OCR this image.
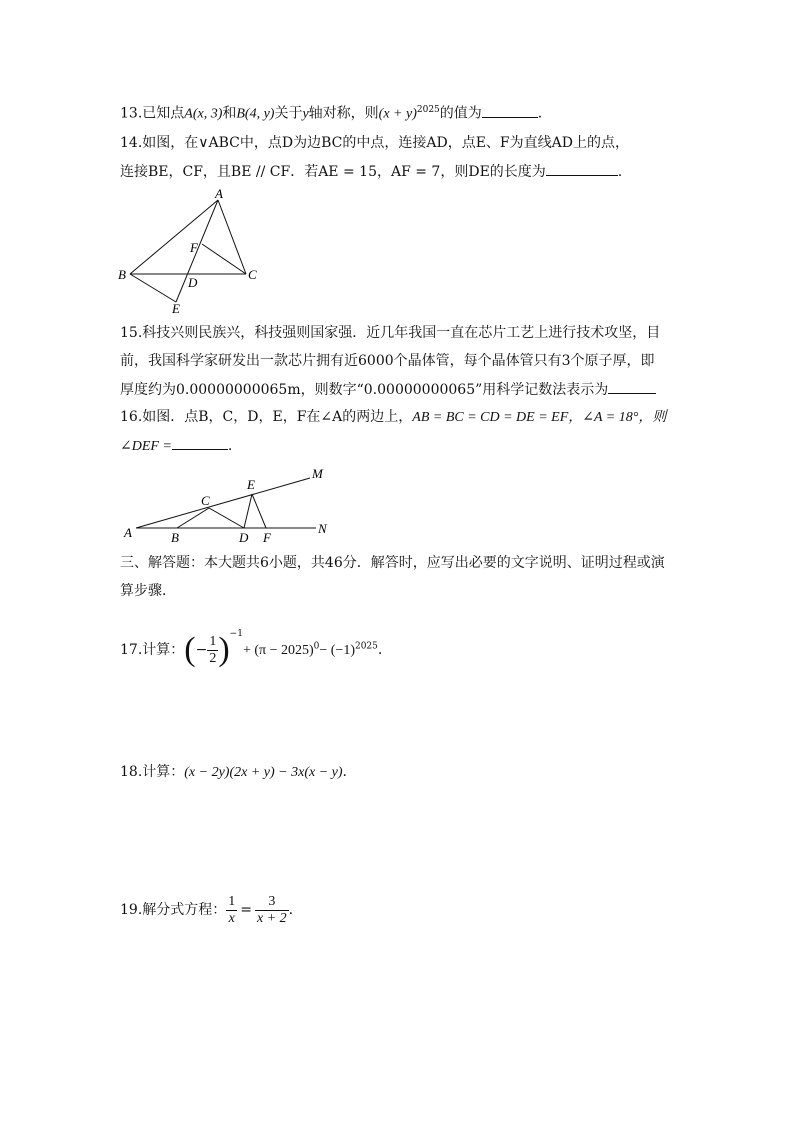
13.已知点A(x, 3)和B(4, y)关于y轴对称，则$(x + y)^{2025}$的值为	.
14.如图，在∨ABC中，点D为边BC的中点，连接AD，点E、F为直线AD上的点，
连接BE，CF，且BE // CF．若AE = 15，AF = 7，则DE的长度为	.
A
F
B
D
C
E
15.科技兴则民族兴，科技强则国家强．近几年我国一直在芯片工艺上进行技术攻坚，目
前，我国科学家研发出一款芯片拥有近6000个晶体管，每个晶体管只有3个原子厚，即
厚度约为0.00000000065m，则数字“0.00000000065”用科学记数法表示为
16.如图．点B，C，D，E，F在∠A的两边上，AB = BC = CD = DE = EF，∠A = 18°，则
∠DEF =	.
M
E
C
A	B	D F
N
三、解答题：本大题共6小题，共46分．解答时，应写出必要的文字说明、证明过程或演
算步骤．
17.计算：(− $\frac{1}{2} )^{-1}+ (\pi - 2025)^0- (-1)^{2025}$.
18.计算：(x − 2y)(2x + y) − 3x(x − y).
19.解分式方程： $\frac{1}{x} = \frac{3}{x + 2}$ .
